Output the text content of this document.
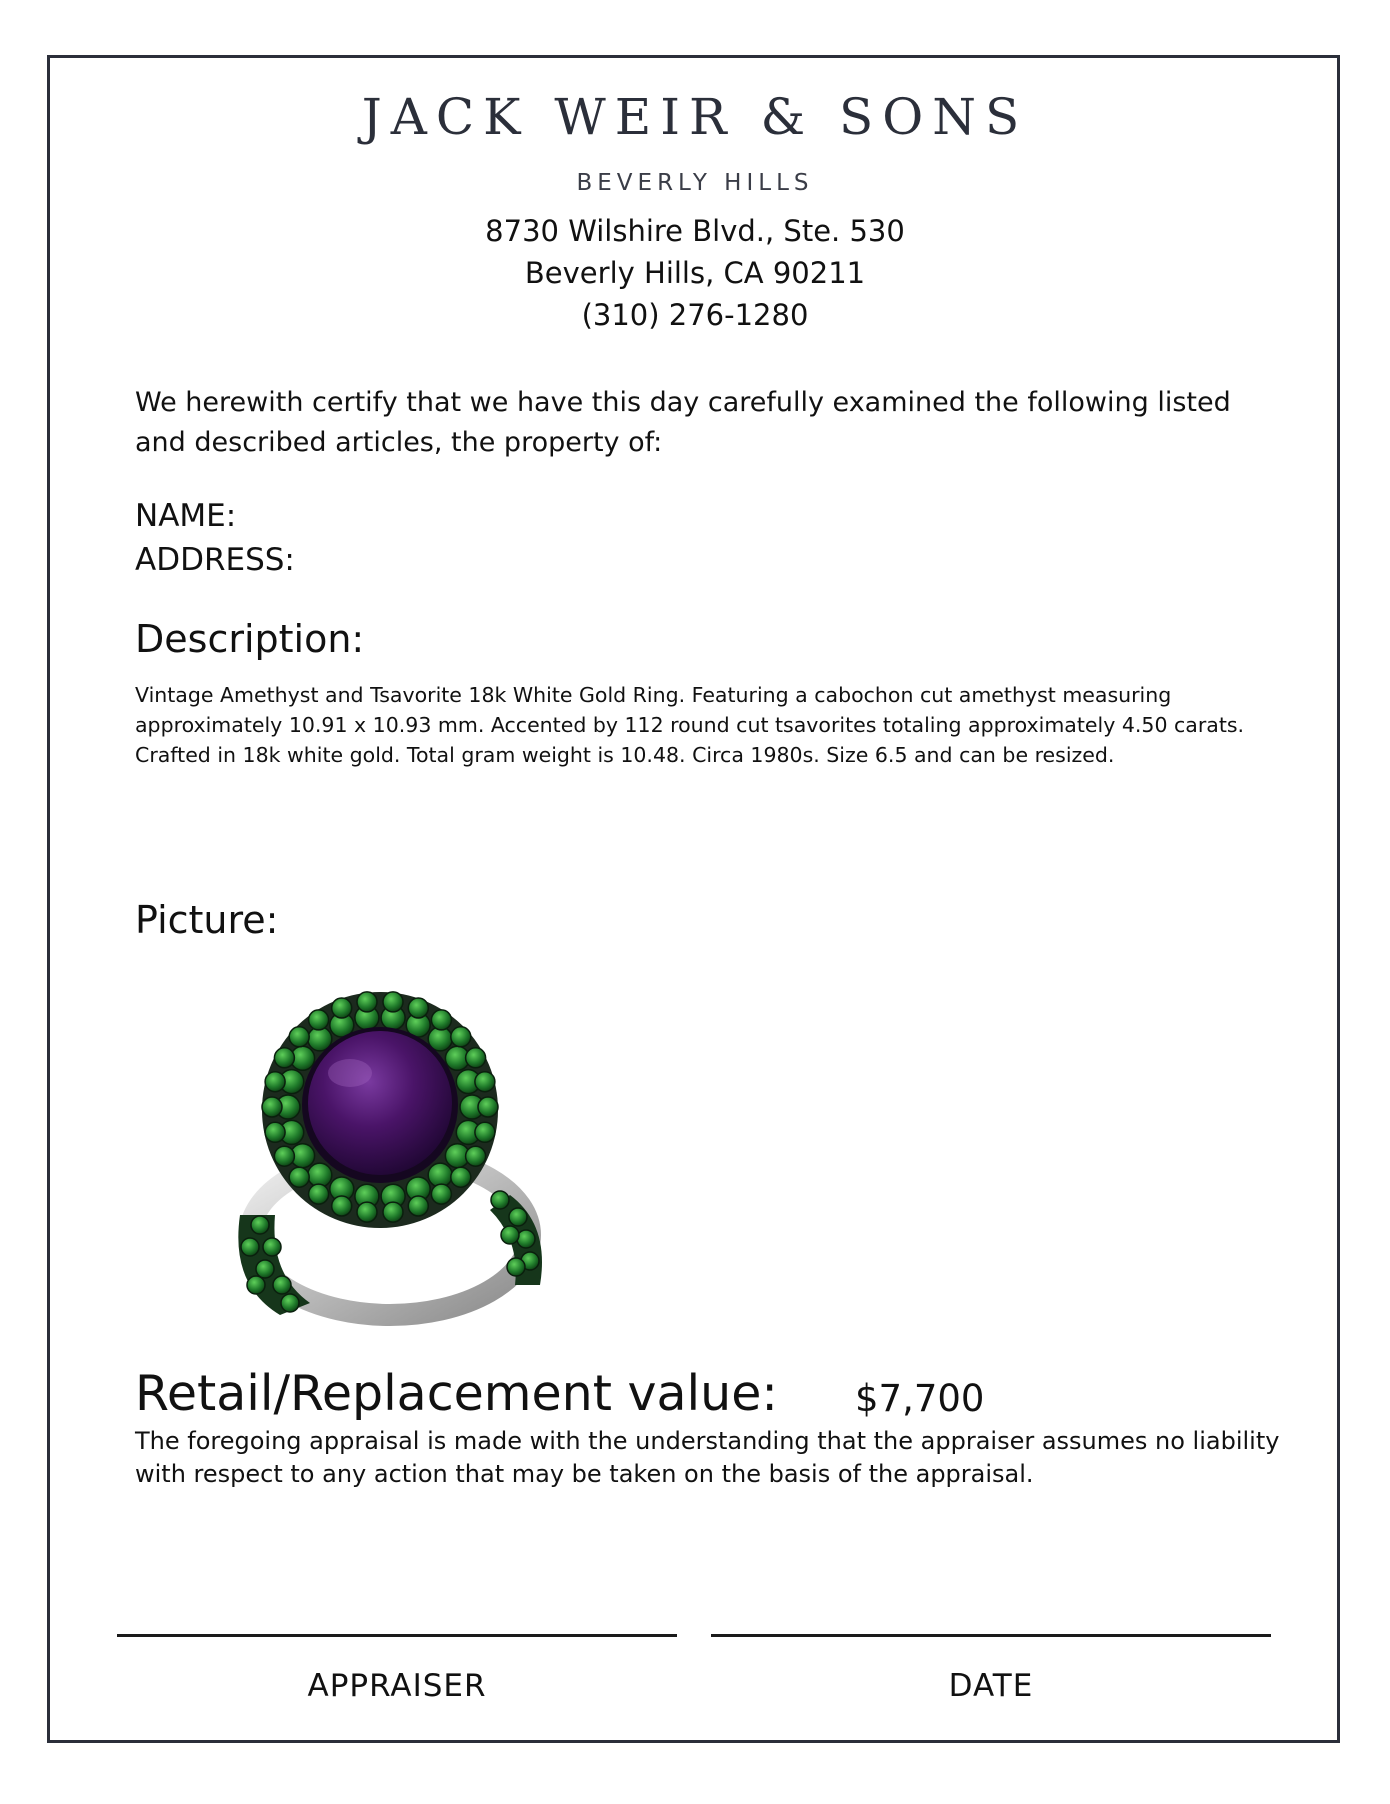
JACK WEIR & SONS
BEVERLY HILLS
8730 Wilshire Blvd., Ste. 530
Beverly Hills, CA 90211
(310) 276-1280
We herewith certify that we have this day carefully examined the following listed and described articles, the property of:
NAME:
ADDRESS:
Description:
Vintage Amethyst and Tsavorite 18k White Gold Ring. Featuring a cabochon cut amethyst measuring approximately 10.91 x 10.93 mm. Accented by 112 round cut tsavorites totaling approximately 4.50 carats. Crafted in 18k white gold. Total gram weight is 10.48. Circa 1980s. Size 6.5 and can be resized.
Picture:
Retail/Replacement value: $7,700
The foregoing appraisal is made with the understanding that the appraiser assumes no liability with respect to any action that may be taken on the basis of the appraisal.
APPRAISER	DATE
